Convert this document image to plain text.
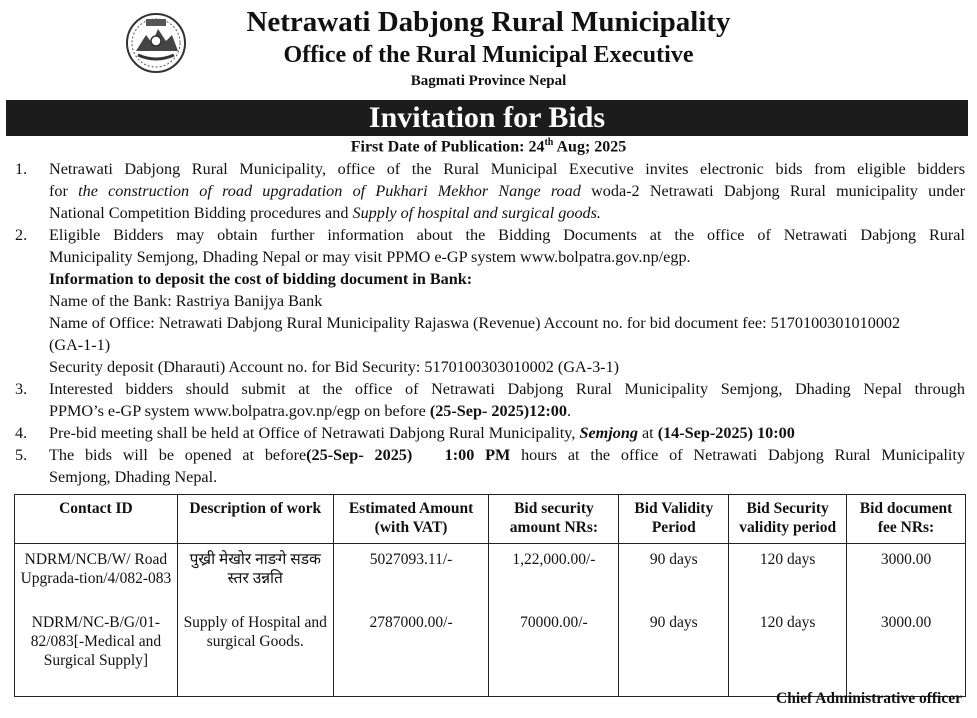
Netrawati Dabjong Rural Municipality
Office of the Rural Municipal Executive
Bagmati Province Nepal
Invitation for Bids
First Date of Publication: 24th Aug; 2025
1. Netrawati Dabjong Rural Municipality, office of the Rural Municipal Executive invites electronic bids from eligible bidders
for the construction of road upgradation of Pukhari Mekhor Nange road woda-2 Netrawati Dabjong Rural municipality under
National Competition Bidding procedures and Supply of hospital and surgical goods.
2. Eligible Bidders may obtain further information about the Bidding Documents at the office of Netrawati Dabjong Rural
Municipality Semjong, Dhading Nepal or may visit PPMO e-GP system www.bolpatra.gov.np/egp.
Information to deposit the cost of bidding document in Bank:
Name of the Bank: Rastriya Banijya Bank
Name of Office: Netrawati Dabjong Rural Municipality Rajaswa (Revenue) Account no. for bid document fee: 5170100301010002
(GA-1-1)
Security deposit (Dharauti) Account no. for Bid Security: 5170100303010002 (GA-3-1)
3. Interested bidders should submit at the office of Netrawati Dabjong Rural Municipality Semjong, Dhading Nepal through
PPMO’s e-GP system www.bolpatra.gov.np/egp on before (25-Sep- 2025)12:00.
4. Pre-bid meeting shall be held at Office of Netrawati Dabjong Rural Municipality, Semjong at (14-Sep-2025) 10:00
5. The bids will be opened at before(25-Sep- 2025)   1:00 PM hours at the office of Netrawati Dabjong Rural Municipality
Semjong, Dhading Nepal.
Contact ID	Description of work	Estimated Amount (with VAT)	Bid security amount NRs:	Bid Validity Period	Bid Security validity period	Bid document fee NRs:
NDRM/NCB/W/ Road Upgrada-tion/4/082-083	पुख्री मेखोर नाङगे सडक स्तर उन्नति	5027093.11/-	1,22,000.00/-	90 days	120 days	3000.00
NDRM/NC-B/G/01-82/083[-Medical and Surgical Supply]	Supply of Hospital and surgical Goods.	2787000.00/-	70000.00/-	90 days	120 days	3000.00
Chief Administrative officer
